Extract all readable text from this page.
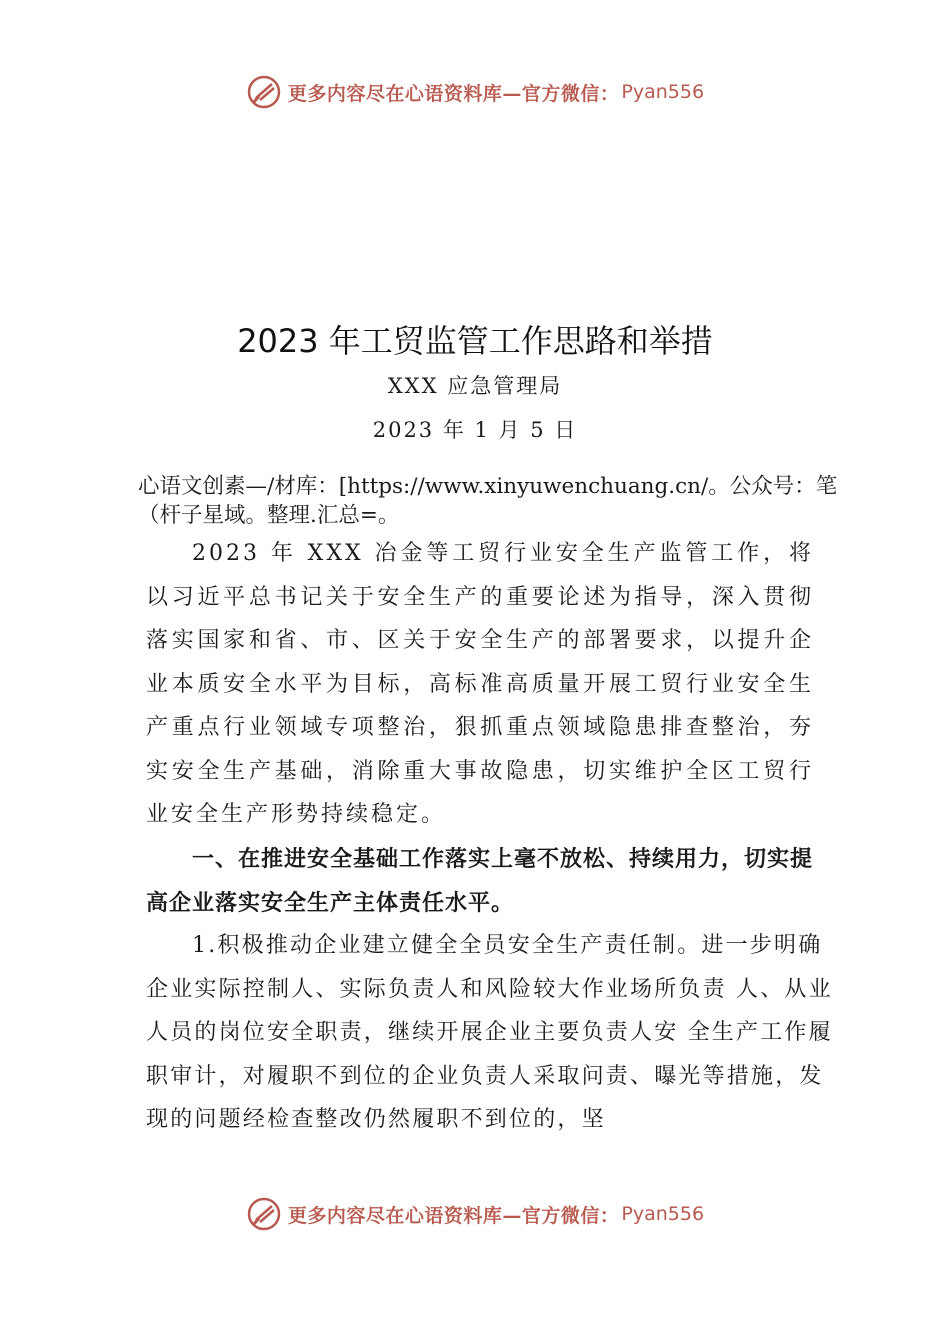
更多内容尽在心语资料库—官方微信： Pyan556
2023 年工贸监管工作思路和举措
XXX 应急管理局
2023 年 1 月 5 日
心语文创素—/材库：[https://www.xinyuwenchuang.cn/。公众号：笔（杆子星域。整理.汇总=。
2023 年 XXX 冶金等工贸行业安全生产监管工作，将以习近平总书记关于安全生产的重要论述为指导，深入贯彻落实国家和省、市、区关于安全生产的部署要求，以提升企业本质安全水平为目标，高标准高质量开展工贸行业安全生产重点行业领域专项整治，狠抓重点领域隐患排查整治，夯实安全生产基础，消除重大事故隐患，切实维护全区工贸行业安全生产形势持续稳定。
一、在推进安全基础工作落实上毫不放松、持续用力，切实提高企业落实安全生产主体责任水平。
1.积极推动企业建立健全全员安全生产责任制。进一步明确企业实际控制人、实际负责人和风险较大作业场所负责 人、从业人员的岗位安全职责，继续开展企业主要负责人安 全生产工作履职审计，对履职不到位的企业负责人采取问责、曝光等措施，发现的问题经检查整改仍然履职不到位的，坚
更多内容尽在心语资料库—官方微信： Pyan556
